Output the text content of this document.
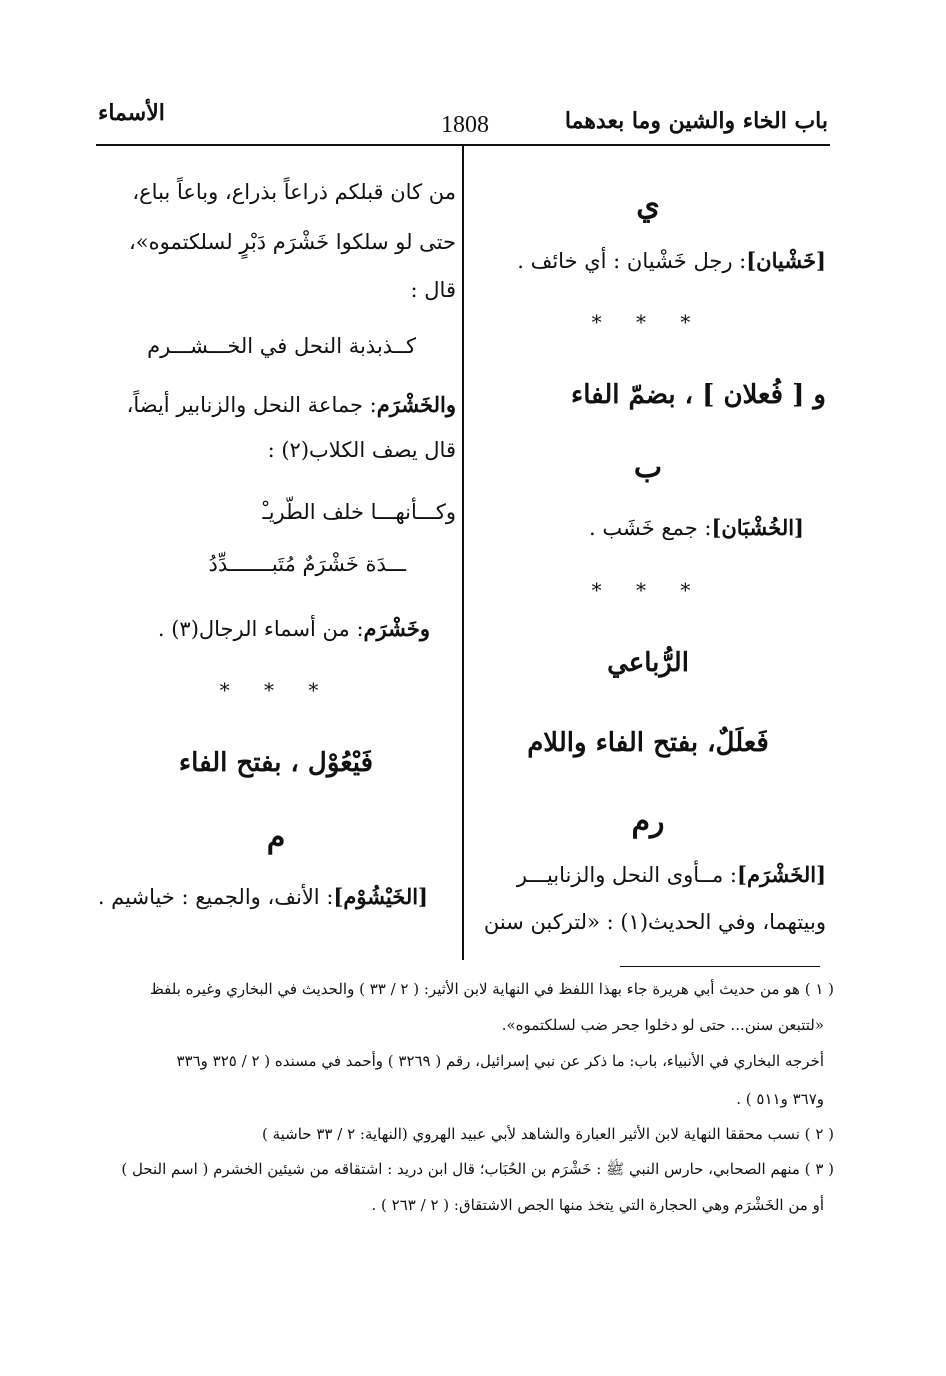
باب الخاء والشين وما بعدهما
1808
الأسماء
ي
[خَشْيان]: رجل خَشْيان : أي خائف .
* * *
و [ فُعلان ] ، بضمّ الفاء
ب
[الخُشْبَان]: جمع خَشَب .
* * *
الرُّباعي
فَعلَلٌ، بفتح الفاء واللام
رم
[الخَشْرَم]: مــأوى النحل والزنابيـــر
وبيتهما، وفي الحديث(١) : «لتركبن سنن
من كان قبلكم ذراعاً بذراع، وباعاً بباع،
حتى لو سلكوا خَشْرَم دَبْرٍ لسلكتموه»،
قال :
كــذبذبة النحل في الخـــشـــرم
والخَشْرَم: جماعة النحل والزنابير أيضاً،
قال يصف الكلاب(٢) :
وكـــأنهـــا خلف الطّريـْ
ـــدَة خَشْرَمٌ مُتَبـــــــدِّدُ
وخَشْرَم: من أسماء الرجال(٣) .
* * *
فَيْعُوْل ، بفتح الفاء
م
[الخَيْشُوْم]: الأنف، والجميع : خياشيم .
( ١ ) هو من حديث أبي هريرة جاء بهذا اللفظ في النهاية لابن الأثير: ( ٢ / ٣٣ ) والحديث في البخاري وغيره بلفظ
«لتتبعن سنن... حتى لو دخلوا جحر ضب لسلكتموه».
أخرجه البخاري في الأنبياء، باب: ما ذكر عن نبي إسرائيل، رقم ( ٣٢٦٩ ) وأحمد في مسنده ( ٢ / ٣٢٥ و٣٣٦
و٣٦٧ و٥١١ ) .
( ٢ ) نسب محققا النهاية لابن الأثير العبارة والشاهد لأبي عبيد الهروي (النهاية: ٢ / ٣٣ حاشية )
( ٣ ) منهم الصحابي، حارس النبي ﷺ : خَشْرَم بن الحُبَاب؛ قال ابن دريد : اشتقاقه من شيئين الخشرم ( اسم النحل )
أو من الخَشْرَم وهي الحجارة التي يتخذ منها الجص الاشتقاق: ( ٢ / ٢٦٣ ) .
